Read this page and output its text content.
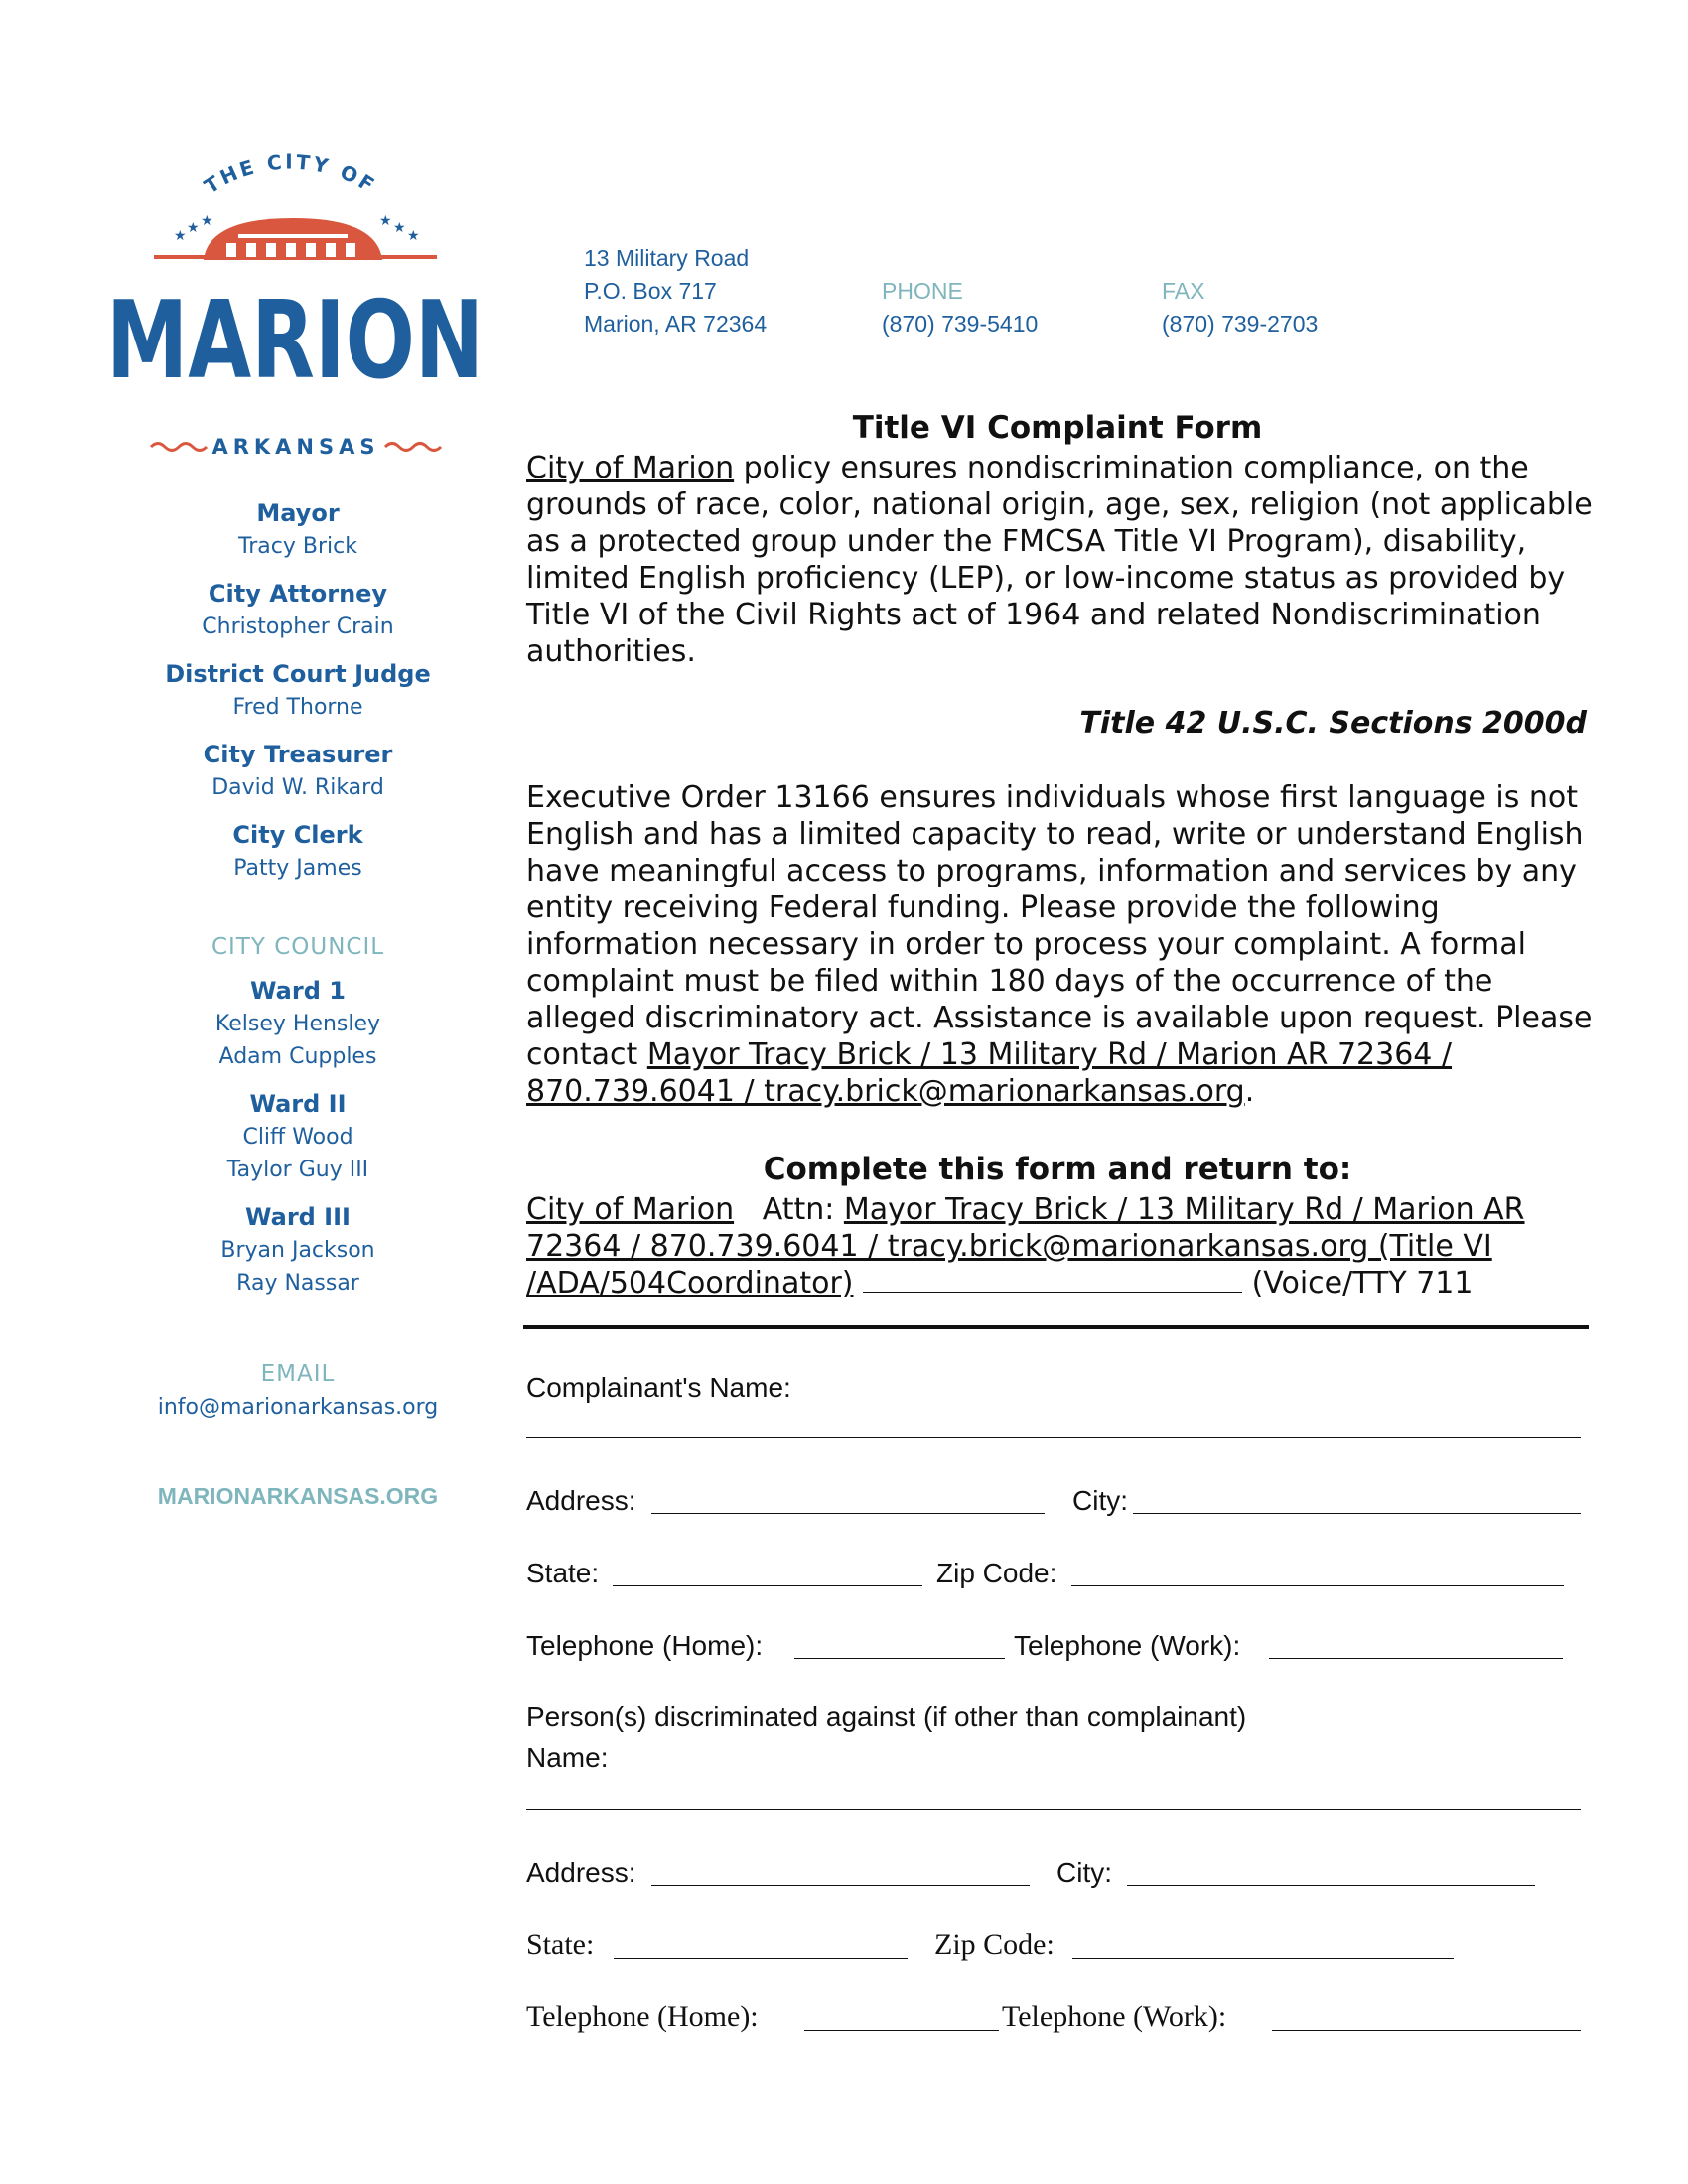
THE CITY OF
★ ★ ★	★ ★ ★
MARION
ARKANSAS
13 Military Road
P.O. Box 717
Marion, AR 72364
PHONE
(870) 739-5410
FAX
(870) 739-2703
Mayor
Tracy Brick
City Attorney
Christopher Crain
District Court Judge
Fred Thorne
City Treasurer
David W. Rikard
City Clerk
Patty James
CITY COUNCIL
Ward 1
Kelsey Hensley
Adam Cupples
Ward II
Cliff Wood
Taylor Guy III
Ward III
Bryan Jackson
Ray Nassar
EMAIL
info@marionarkansas.org
MARIONARKANSAS.ORG
Title VI Complaint Form
City of Marion policy ensures nondiscrimination compliance, on the grounds of race, color, national origin, age, sex, religion (not applicable as a protected group under the FMCSA Title VI Program), disability, limited English proficiency (LEP), or low-income status as provided by Title VI of the Civil Rights act of 1964 and related Nondiscrimination authorities.
Title 42 U.S.C. Sections 2000d
Executive Order 13166 ensures individuals whose first language is not English and has a limited capacity to read, write or understand English have meaningful access to programs, information and services by any entity receiving Federal funding. Please provide the following information necessary in order to process your complaint. A formal complaint must be filed within 180 days of the occurrence of the alleged discriminatory act. Assistance is available upon request. Please contact Mayor Tracy Brick / 13 Military Rd / Marion AR 72364 / 870.739.6041 / tracy.brick@marionarkansas.org.
Complete this form and return to:
City of Marion   Attn: Mayor Tracy Brick / 13 Military Rd / Marion AR 72364 / 870.739.6041 / tracy.brick@marionarkansas.org (Title VI /ADA/504Coordinator)	(Voice/TTY 711
Complainant's Name:
Address:	City:
State:	Zip Code:
Telephone (Home):	Telephone (Work):
Person(s) discriminated against (if other than complainant)
Name:
Address:	City:
State:	Zip Code:
Telephone (Home):	Telephone (Work):
